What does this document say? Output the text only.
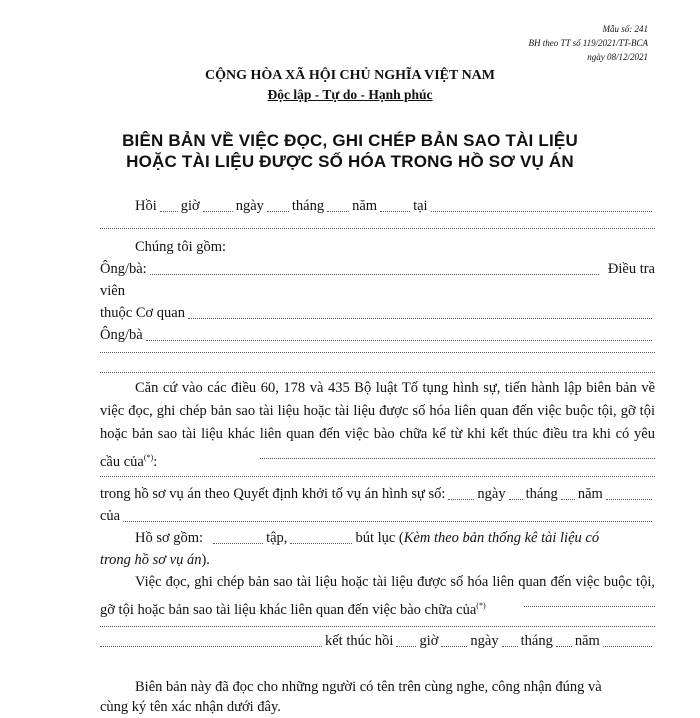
Mẫu số: 241
BH theo TT số 119/2021/TT-BCA
ngày 08/12/2021
CỘNG HÒA XÃ HỘI CHỦ NGHĨA VIỆT NAM
Độc lập - Tự do - Hạnh phúc
BIÊN BẢN VỀ VIỆC ĐỌC, GHI CHÉP BẢN SAO TÀI LIỆU
HOẶC TÀI LIỆU ĐƯỢC SỐ HÓA TRONG HỒ SƠ VỤ ÁN
Hồi giờ ngày tháng năm tại
Chúng tôi gồm:
Ông/bà:	Điều tra
viên
thuộc Cơ quan
Ông/bà
Căn cứ vào các điều 60, 178 và 435 Bộ luật Tố tụng hình sự, tiến hành lập biên bản về việc đọc, ghi chép bản sao tài liệu hoặc tài liệu được số hóa liên quan đến việc buộc tội, gỡ tội hoặc bản sao tài liệu khác liên quan đến việc bào chữa kể từ khi kết thúc điều tra khi có yêu cầu của(*):
trong hồ sơ vụ án theo Quyết định khởi tố vụ án hình sự số: ngày tháng năm
của
Hồ sơ gồm:	tập,	bút lục ( Kèm theo bản thống kê tài liệu có
trong hồ sơ vụ án ).
Việc đọc, ghi chép bản sao tài liệu hoặc tài liệu được số hóa liên quan đến việc buộc tội, gỡ tội hoặc bản sao tài liệu khác liên quan đến việc bào chữa của(*)
kết thúc hồi giờ ngày tháng năm
Biên bản này đã đọc cho những người có tên trên cùng nghe, công nhận đúng và
cùng ký tên xác nhận dưới đây.
